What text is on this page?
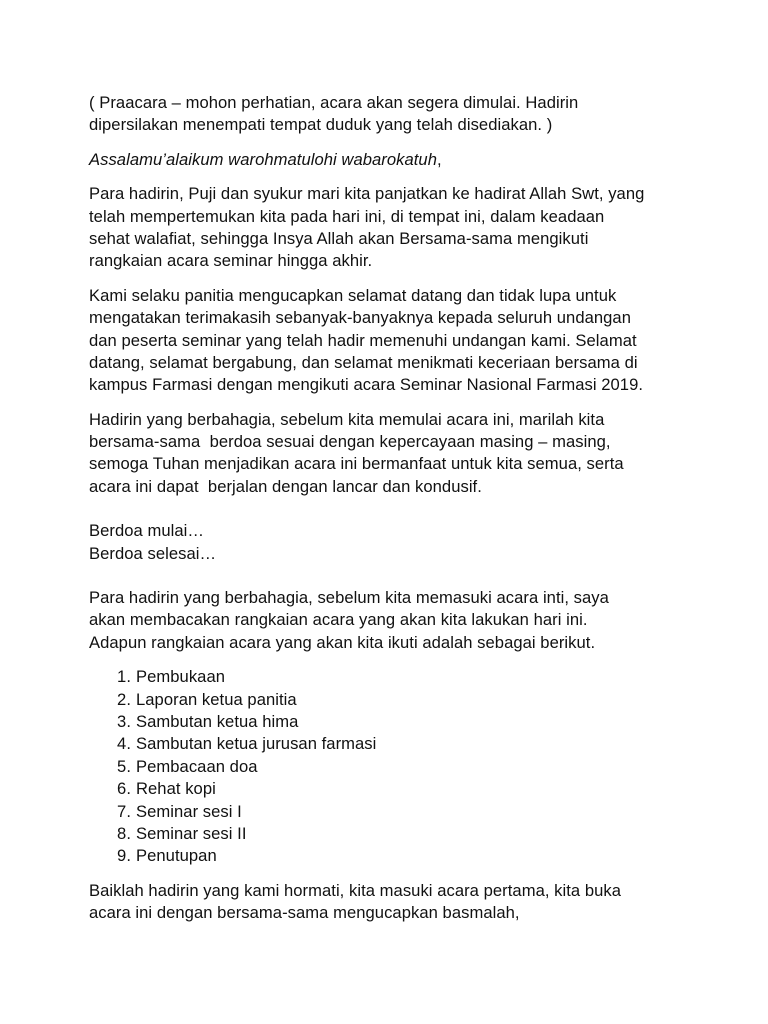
( Praacara – mohon perhatian, acara akan segera dimulai. Hadirin
dipersilakan menempati tempat duduk yang telah disediakan. )

Assalamu’alaikum warohmatulohi wabarokatuh,

Para hadirin, Puji dan syukur mari kita panjatkan ke hadirat Allah Swt, yang
telah mempertemukan kita pada hari ini, di tempat ini, dalam keadaan
sehat walafiat, sehingga Insya Allah akan Bersama-sama mengikuti
rangkaian acara seminar hingga akhir.

Kami selaku panitia mengucapkan selamat datang dan tidak lupa untuk
mengatakan terimakasih sebanyak-banyaknya kepada seluruh undangan
dan peserta seminar yang telah hadir memenuhi undangan kami. Selamat
datang, selamat bergabung, dan selamat menikmati keceriaan bersama di
kampus Farmasi dengan mengikuti acara Seminar Nasional Farmasi 2019.

Hadirin yang berbahagia, sebelum kita memulai acara ini, marilah kita
bersama-sama  berdoa sesuai dengan kepercayaan masing – masing,
semoga Tuhan menjadikan acara ini bermanfaat untuk kita semua, serta
acara ini dapat  berjalan dengan lancar dan kondusif.

Berdoa mulai…
Berdoa selesai…

Para hadirin yang berbahagia, sebelum kita memasuki acara inti, saya
akan membacakan rangkaian acara yang akan kita lakukan hari ini.
Adapun rangkaian acara yang akan kita ikuti adalah sebagai berikut.

1. Pembukaan
2. Laporan ketua panitia
3. Sambutan ketua hima
4. Sambutan ketua jurusan farmasi
5. Pembacaan doa
6. Rehat kopi
7. Seminar sesi I
8. Seminar sesi II
9. Penutupan

Baiklah hadirin yang kami hormati, kita masuki acara pertama, kita buka
acara ini dengan bersama-sama mengucapkan basmalah,
